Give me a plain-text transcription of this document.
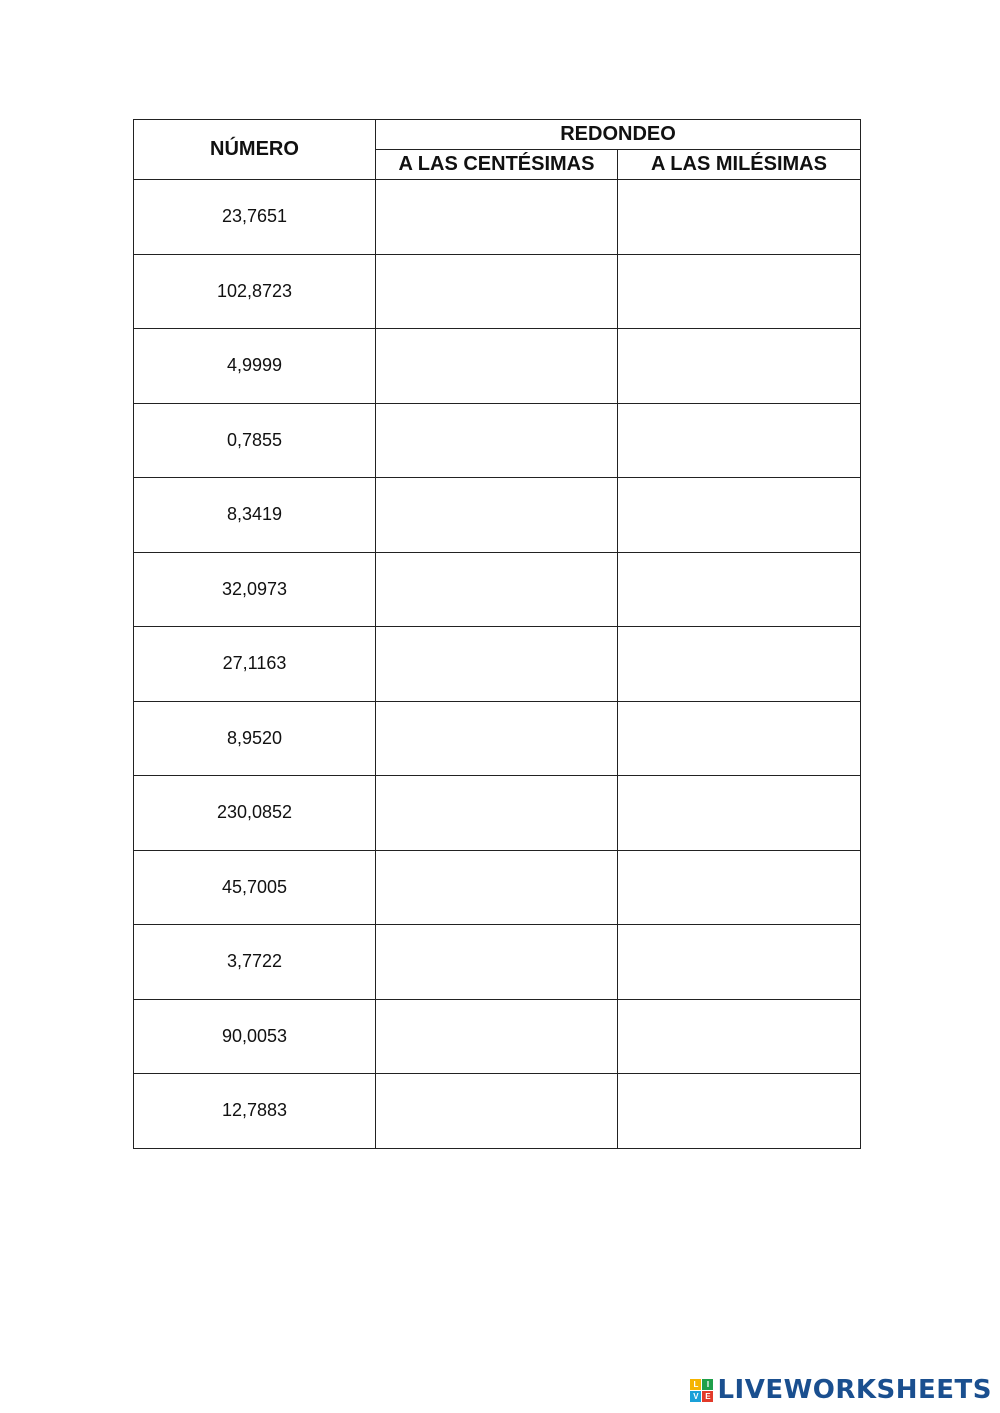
NÚMERO	REDONDEO	
	A LAS CENTÉSIMAS	A LAS MILÉSIMAS
23,7651		
102,8723		
4,9999		
0,7855		
8,3419		
32,0973		
27,1163		
8,9520		
230,0852		
45,7005		
3,7722		
90,0053		
12,7883		
L	I
V E LIVEWORKSHEETS
